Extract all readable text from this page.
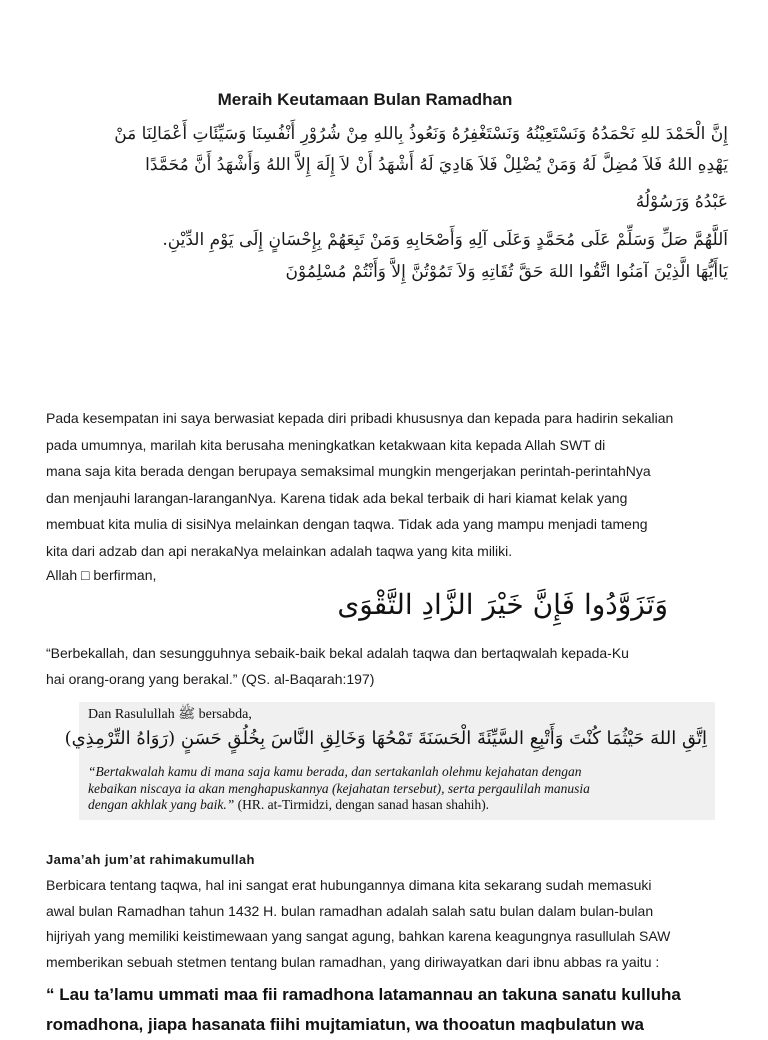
Meraih Keutamaan Bulan Ramadhan
إِنَّ الْحَمْدَ للهِ نَحْمَدُهُ وَنَسْتَعِيْنُهُ وَنَسْتَغْفِرُهُ وَنَعُوذُ بِاللهِ مِنْ شُرُوْرِ أَنْفُسِنَا وَسَيِّئَاتِ أَعْمَالِنَا مَنْ
يَهْدِهِ اللهُ فَلاَ مُضِلَّ لَهُ وَمَنْ يُضْلِلْ فَلاَ هَادِيَ لَهُ أَشْهَدُ أَنْ لاَ إِلَهَ إِلاَّ اللهُ وَأَشْهَدُ أَنَّ مُحَمَّدًا
عَبْدُهُ وَرَسُوْلُهُ
اَللَّهُمَّ صَلِّ وَسَلِّمْ عَلَى مُحَمَّدٍ وَعَلَى آلِهِ وَأَصْحَابِهِ وَمَنْ تَبِعَهُمْ بِإِحْسَانٍ إِلَى يَوْمِ الدِّيْنِ.
يَاأَيُّهَا الَّذِيْنَ آمَنُوا اتَّقُوا اللهَ حَقَّ تُقَاتِهِ وَلاَ تَمُوْتُنَّ إِلاَّ وَأَنْتُمْ مُسْلِمُوْنَ
Pada kesempatan ini saya berwasiat kepada diri pribadi khususnya dan kepada para hadirin sekalian
pada umumnya, marilah kita berusaha meningkatkan ketakwaan kita kepada Allah SWT di
mana saja kita berada dengan berupaya semaksimal mungkin mengerjakan perintah-perintahNya
dan menjauhi larangan-laranganNya. Karena tidak ada bekal terbaik di hari kiamat kelak yang
membuat kita mulia di sisiNya melainkan dengan taqwa. Tidak ada yang mampu menjadi tameng
kita dari adzab dan api nerakaNya melainkan adalah taqwa yang kita miliki.
Allah □ berfirman,
وَتَزَوَّدُوا فَإِنَّ خَيْرَ الزَّادِ التَّقْوَى
“Berbekallah, dan sesungguhnya sebaik-baik bekal adalah taqwa dan bertaqwalah kepada-Ku
hai orang-orang yang berakal.” (QS. al-Baqarah:197)
Dan Rasulullah ﷺ bersabda,
اِتَّقِ اللهَ حَيْثُمَا كُنْتَ وَأَتْبِعِ السَّيِّئَةَ الْحَسَنَةَ تَمْحُهَا وَخَالِقِ النَّاسَ بِخُلُقٍ حَسَنٍ (رَوَاهُ التِّرْمِذِي)
“Bertakwalah kamu di mana saja kamu berada, dan sertakanlah olehmu kejahatan dengan
kebaikan niscaya ia akan menghapuskannya (kejahatan tersebut), serta pergaulilah manusia
dengan akhlak yang baik.” (HR. at-Tirmidzi, dengan sanad hasan shahih).
Jama’ah jum’at rahimakumullah
Berbicara tentang taqwa, hal ini sangat erat hubungannya dimana kita sekarang sudah memasuki
awal bulan Ramadhan tahun 1432 H. bulan ramadhan adalah salah satu bulan dalam bulan-bulan
hijriyah yang memiliki keistimewaan yang sangat agung, bahkan karena keagungnya rasullulah SAW
memberikan sebuah stetmen tentang bulan ramadhan, yang diriwayatkan dari ibnu abbas ra yaitu :
“ Lau ta’lamu ummati maa fii ramadhona latamannau an takuna sanatu kulluha
romadhona, jiapa hasanata fiihi mujtamiatun, wa thooatun maqbulatun wa
